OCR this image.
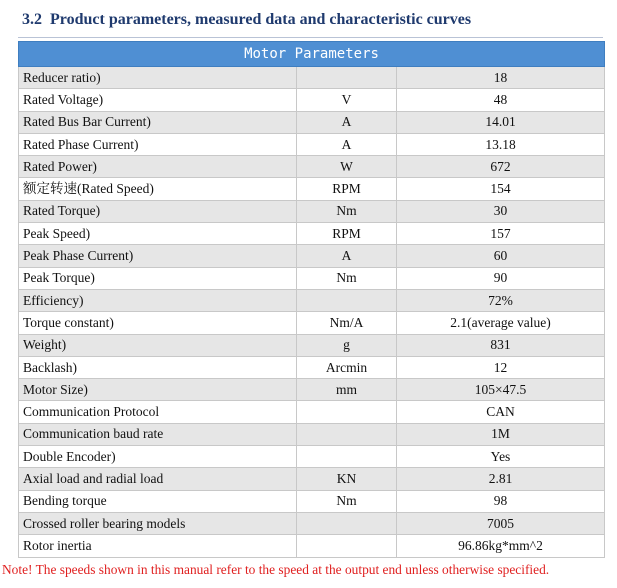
3.2 Product parameters, measured data and characteristic curves
Motor Parameters		
Reducer ratio)		18
Rated Voltage)	V	48
Rated Bus Bar Current)	A	14.01
Rated Phase Current)	A	13.18
Rated Power)	W	672
额定转速(Rated Speed)	RPM	154
Rated Torque)	Nm	30
Peak Speed)	RPM	157
Peak Phase Current)	A	60
Peak Torque)	Nm	90
Efficiency)		72%
Torque constant)	Nm/A	2.1(average value)
Weight)	g	831
Backlash)	Arcmin	12
Motor Size)	mm	105×47.5
Communication Protocol		CAN
Communication baud rate		1M
Double Encoder)		Yes
Axial load and radial load	KN	2.81
Bending torque	Nm	98
Crossed roller bearing models		7005
Rotor inertia		96.86kg*mm^2
Note! The speeds shown in this manual refer to the speed at the output end unless otherwise specified.
